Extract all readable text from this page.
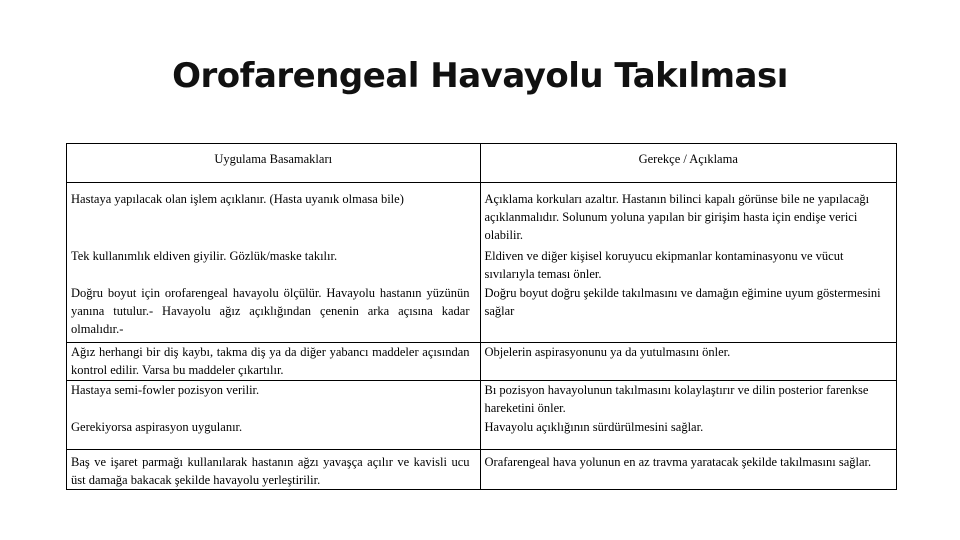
Orofarengeal Havayolu Takılması
Uygulama Basamakları	Gerekçe / Açıklama

Hastaya yapılacak olan işlem açıklanır. (Hasta uyanık olmasa bile)	Açıklama korkuları azaltır. Hastanın bilinci kapalı görünse bile ne yapılacağı açıklanmalıdır. Solunum yoluna yapılan bir girişim hasta için endişe verici olabilir.
Tek kullanımlık eldiven giyilir. Gözlük/maske takılır.	Eldiven ve diğer kişisel koruyucu ekipmanlar kontaminasyonu ve vücut sıvılarıyla teması önler.
Doğru boyut için orofarengeal havayolu ölçülür. Havayolu hastanın yüzünün yanına tutulur.- Havayolu ağız açıklığından çenenin arka açısına kadar olmalıdır.-	Doğru boyut doğru şekilde takılmasını ve damağın eğimine uyum göstermesini sağlar
Ağız herhangi bir diş kaybı, takma diş ya da diğer yabancı maddeler açısından kontrol edilir. Varsa bu maddeler çıkartılır.	Objelerin aspirasyonunu ya da yutulmasını önler.
Hastaya semi-fowler pozisyon verilir.	Bı pozisyon havayolunun takılmasını kolaylaştırır ve dilin posterior farenkse hareketini önler.
Gerekiyorsa aspirasyon uygulanır.	Havayolu açıklığının sürdürülmesini sağlar.
Baş ve işaret parmağı kullanılarak hastanın ağzı yavaşça açılır ve kavisli ucu üst damağa bakacak şekilde havayolu yerleştirilir.	Orafarengeal hava yolunun en az travma yaratacak şekilde takılmasını sağlar.
